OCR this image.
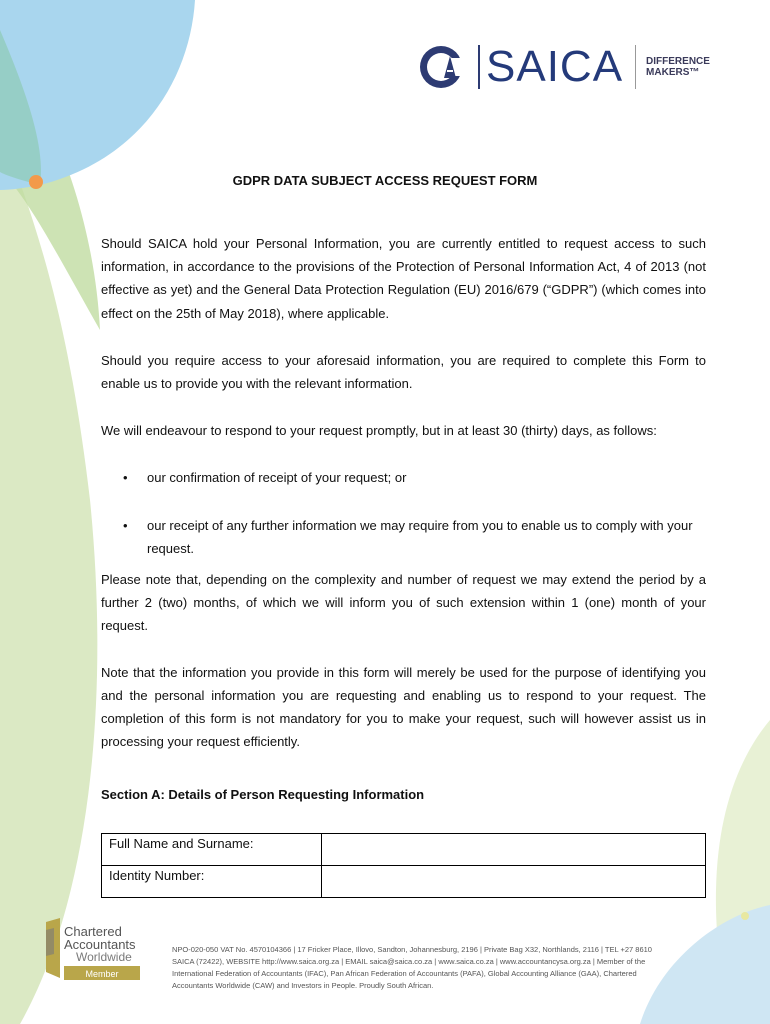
SAICA DIFFERENCE
MAKERS™
GDPR DATA SUBJECT ACCESS REQUEST FORM

Should SAICA hold your Personal Information, you are currently entitled to request access to such information, in accordance to the provisions of the Protection of Personal Information Act, 4 of 2013 (not effective as yet) and the General Data Protection Regulation (EU) 2016/679 (“GDPR”) (which comes into effect on the 25th of May 2018), where applicable.

Should you require access to your aforesaid information, you are required to complete this Form to enable us to provide you with the relevant information.

We will endeavour to respond to your request promptly, but in at least 30 (thirty) days, as follows:

• our confirmation of receipt of your request; or
• our receipt of any further information we may require from you to enable us to comply with your request.

Please note that, depending on the complexity and number of request we may extend the period by a further 2 (two) months, of which we will inform you of such extension within 1 (one) month of your request.

Note that the information you provide in this form will merely be used for the purpose of identifying you and the personal information you are requesting and enabling us to respond to your request. The completion of this form is not mandatory for you to make your request, such will however assist us in processing your request efficiently.

Section A: Details of Person Requesting Information

Full Name and Surname:	
Identity Number:	
Chartered
Accountants
Worldwide
Member
NPO-020-050 VAT No. 4570104366 | 17 Fricker Place, Illovo, Sandton, Johannesburg, 2196 | Private Bag X32, Northlands, 2116 | TEL +27 8610 SAICA (72422), WEBSITE http://www.saica.org.za | EMAIL saica@saica.co.za | www.saica.co.za | www.accountancysa.org.za | Member of the International Federation of Accountants (IFAC), Pan African Federation of Accountants (PAFA), Global Accounting Alliance (GAA), Chartered Accountants Worldwide (CAW) and Investors in People. Proudly South African.
